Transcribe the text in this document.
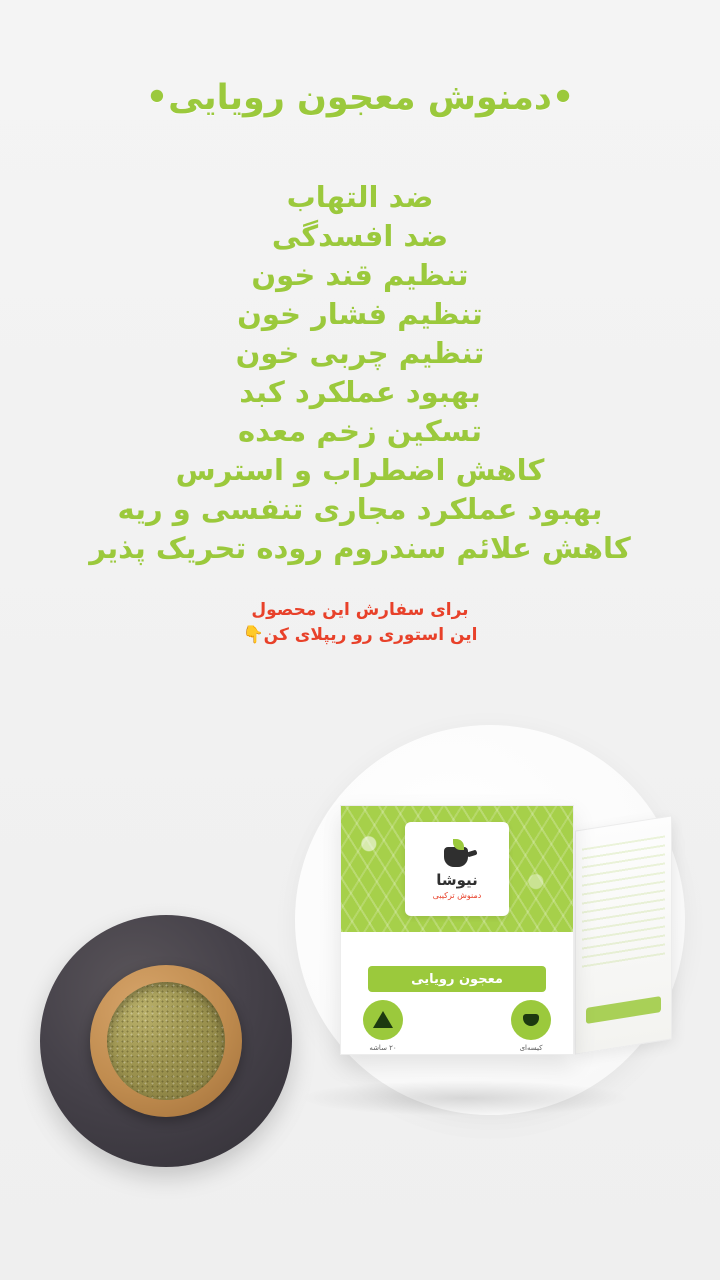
•دمنوش معجون رویایی•
ضد التهاب
ضد افسدگی
تنظیم قند خون
تنظیم فشار خون
تنظیم چربی خون
بهبود عملکرد کبد
تسکین زخم معده
کاهش اضطراب و استرس
بهبود عملکرد مجاری تنفسی و ریه
کاهش علائم سندروم روده تحریک پذیر
برای سفارش این محصول
این استوری رو ریپلای کن👇
نیوشا
دمنوش ترکیبی
معجون رویایی
۲۰ ساشه	کیسه‌ای
